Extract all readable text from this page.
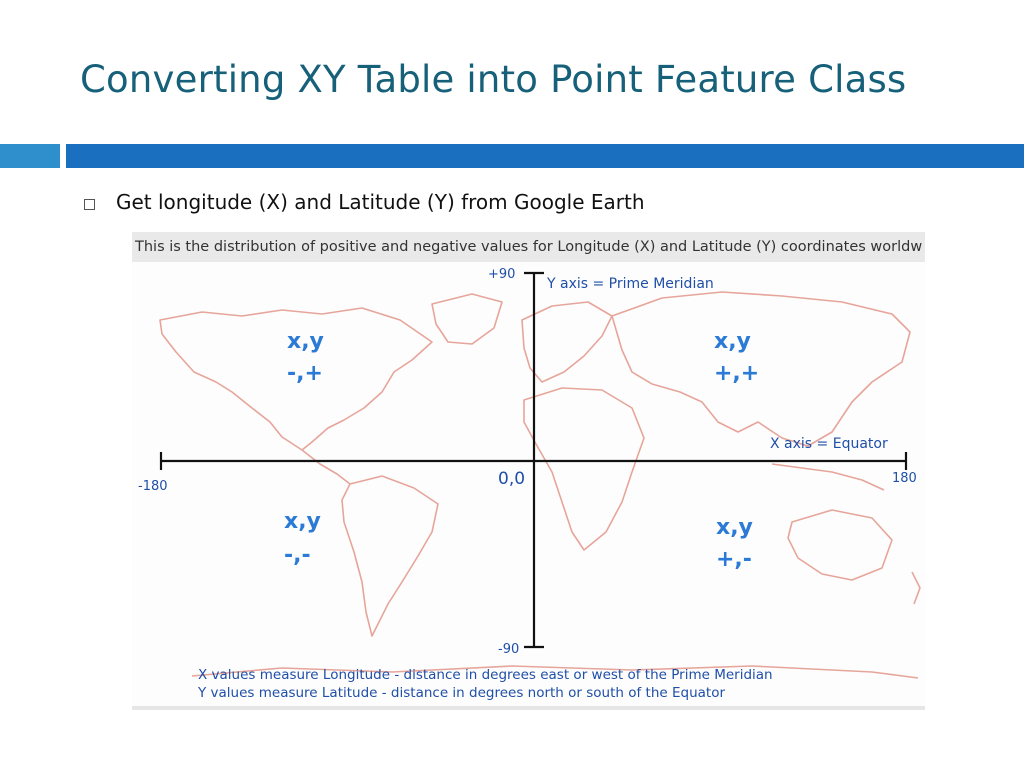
Converting XY Table into Point Feature Class
Get longitude (X) and Latitude (Y) from Google Earth
This is the distribution of positive and negative values for Longitude (X) and Latitude (Y) coordinates worldw
+90
-90
-180
180
0,0
Y axis = Prime Meridian
X axis = Equator
x,y
-,+
x,y
+,+
x,y
-,-
x,y
+,-
X values measure Longitude - distance in degrees east or west of the Prime Meridian
Y values measure Latitude - distance in degrees north or south of the Equator
